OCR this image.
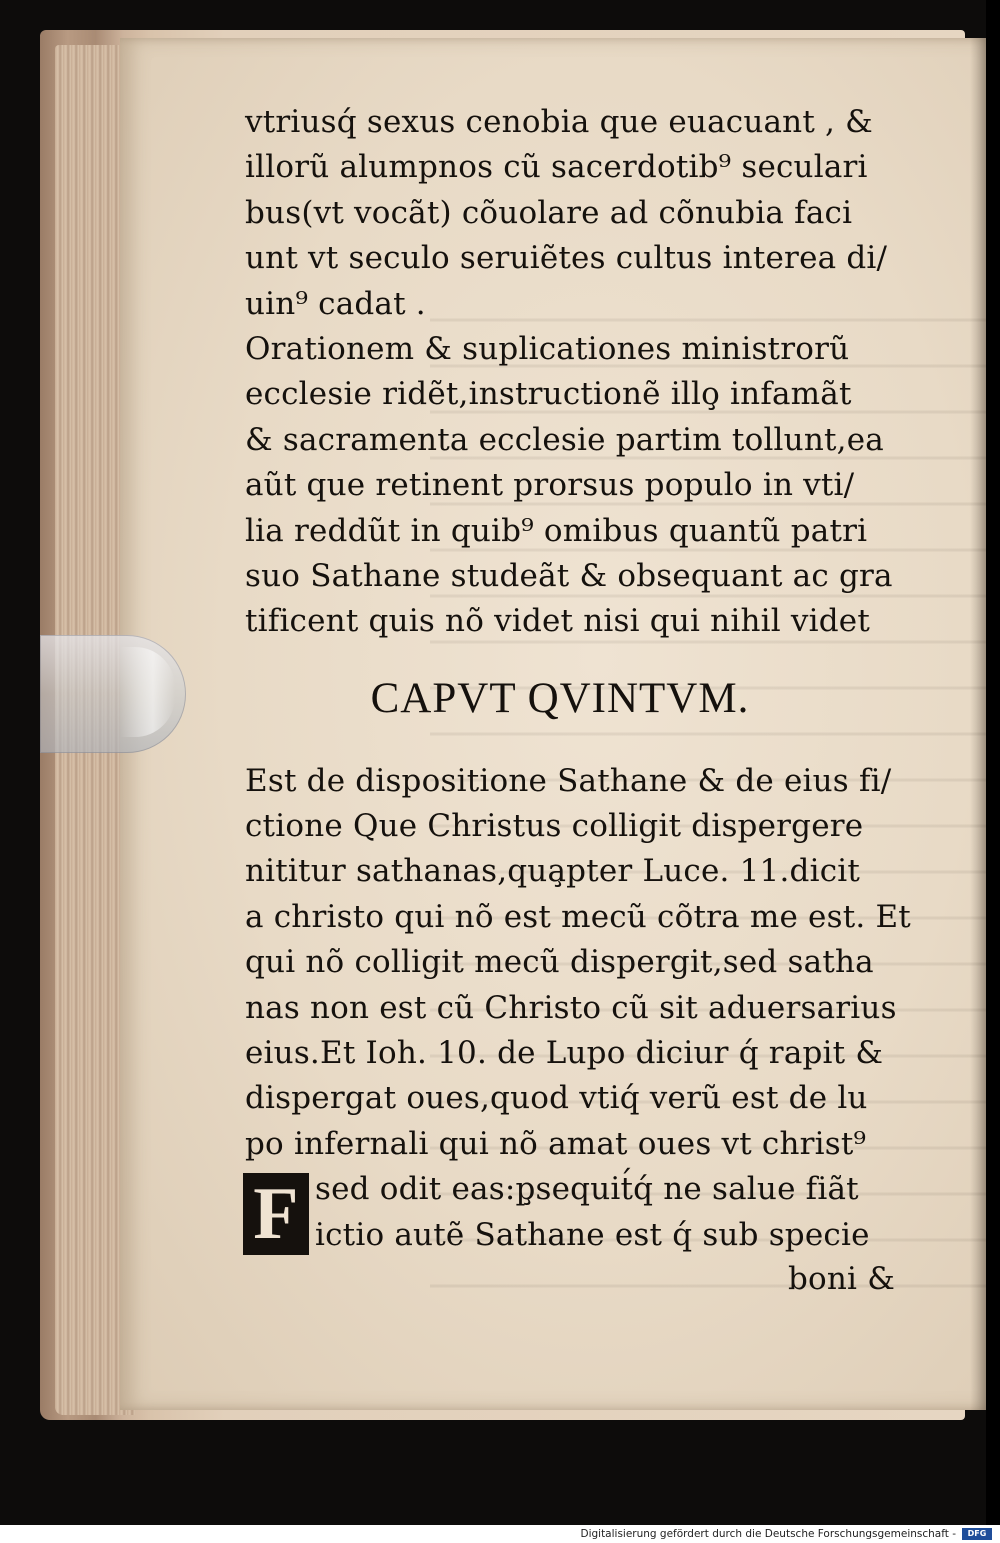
vtriusq́ sexus cenobia que euacuant , &
illorũ alumpnos cũ sacerdotib⁹ seculari
bus(vt vocãt) cõuolare ad cõnubia faci
unt vt seculo seruiẽtes cultus interea di/
uin⁹ cadat .
Orationem & suplicationes ministrorũ
ecclesie ridẽt,instructionẽ illo̧ infamãt
& sacramenta ecclesie partim tollunt,ea
aũt que retinent prorsus populo in vti/
lia reddũt in quib⁹ omibus quantũ patri
suo Sathane studeãt & obsequant ac gra
tificent quis nõ videt nisi qui nihil videt
CAPVT QVINTVM.
Est de dispositione Sathane & de eius fi/
ctione Que Christus colligit dispergere
nititur sathanas,qua̧pter Luce. 11.dicit
a christo qui nõ est mecũ cõtra me est. Et
qui nõ colligit mecũ dispergit,sed satha
nas non est cũ Christo cũ sit aduersarius
eius.Et Ioh. 10. de Lupo diciur q́ rapit &
dispergat oues,quod vtiq́ verũ est de lu
po infernali qui nõ amat oues vt christ⁹
F sed odit eas:p̧sequit́q́ ne salue fiãt
ictio autẽ Sathane est q́ sub specie
boni &
Digitalisierung gefördert durch die Deutsche Forschungsgemeinschaft - DFG
